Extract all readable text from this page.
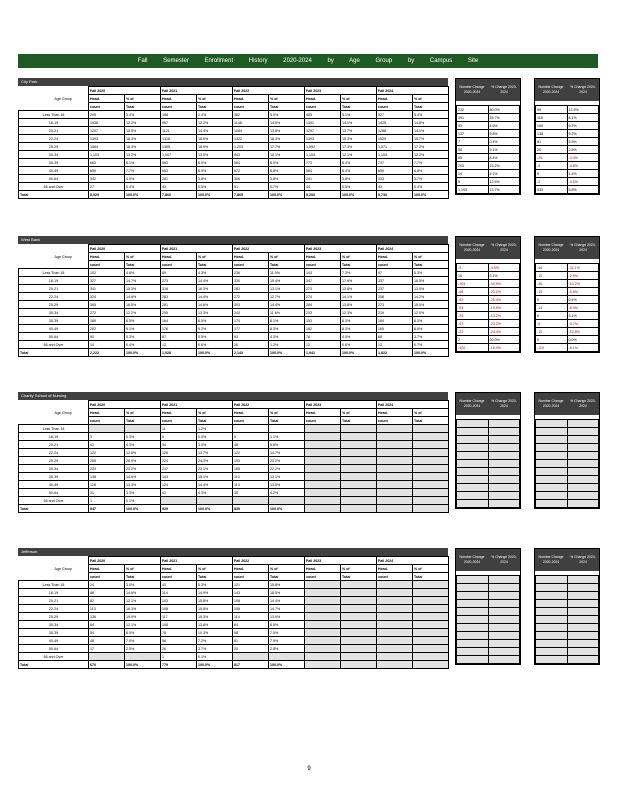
Fall Semester Enrollment History 2020-2024 by Age Group by Campus Site
City Park
		Fall 2020		Fall 2021		Fall 2022		Fall 2023		Fall 2024	
	Age Group	Head-	% of	Head-	% of	Head-	% of	Head-	% of	Head-	% of
		count	Total	count	Total	count	Total	count	Total	count	Total
Less Than 18		295	3.4%	188	2.4%	362	5.0%	455	5.1%	527	5.4%
18-19		1036	12.2%	967	12.2%	1148	14.5%	1301	14.1%	1425	14.8%
20-21		1207	15.0%	1121	14.4%	1084	13.8%	1297	13.7%	1288	14.1%
22-24		1393	16.3%	1316	16.6%	1322	16.3%	1393	15.3%	1529	15.7%
25-29		1564	18.3%	1355	16.9%	1,203	17.7%	1,592	17.3%	1,571	17.2%
30-34		1,103	13.2%	1,007	13.0%	843	10.1%	1,104	12.1%	1,104	12.2%
35-39		663	8.1%	563	8.0%	564	8.0%	773	8.4%	747	7.7%
40-49		659	7.7%	553	8.9%	572	8.8%	564	8.4%	659	6.8%
50-64		342	4.0%	281	3.8%	306	3.8%	291	3.8%	333	3.7%
65 and Over		27	0.4%	43	0.5%	51	0.7%	44	0.5%	43	0.4%
Total		8,529	100.0%	7,860	100.0%	7,865	100.0%	9,200	100.0%	9,730	100.0%
Number Change 2020-2024
% Change 2020-2024

232	80.0%
391	35.7%
93	4.6%
137	9.8%
7	0.4%
58	5.1%
85	8.4%
203	23.2%
14	4.1%
5	12.5%
1,193	13.7%
Number Change 2020-2024
% Change 2020-2024

59	12.5%
118	8.1%
100	6.7%
138	9.2%
81	5.5%
20	2.8%
-26	-3.4%
-8	-0.8%
5	1.4%
-2	-4.5%
530	5.8%
West Bank
		Fall 2020		Fall 2021		Fall 2022		Fall 2023		Fall 2024	
	Age Group	Head-	% of	Head-	% of	Head-	% of	Head-	% of	Head-	% of
		count	Total	count	Total	count	Total	count	Total	count	Total
Less Than 18		102	4.6%	89	4.3%	236	11.0%	143	7.3%	97	5.3%
18-19		327	14.7%	273	14.4%	330	15.4%	347	17.9%	337	18.5%
20-21		341	15.3%	318	16.3%	283	13.1%	273	13.8%	237	13.0%
22-24		324	14.6%	283	14.4%	272	12.7%	274	14.1%	258	14.2%
25-29		365	16.5%	281	14.6%	303	14.4%	284	13.8%	273	15.0%
30-34		272	12.2%	255	13.3%	243	11.6%	233	12.3%	219	12.0%
35-39		189	8.5%	164	8.5%	174	8.1%	153	8.3%	184	8.3%
40-49		202	9.1%	176	9.2%	177	8.3%	162	8.3%	165	8.6%
50-64		90	4.3%	87	4.5%	93	4.3%	78	4.0%	68	3.7%
65 and Over		10	0.4%	12	0.6%	26	1.2%	12	0.6%	12	0.7%
Total		2,222	100.0%	1,928	100.0%	2,143	100.0%	1,941	100.0%	1,822	100.0%
Number Change 2020-2024
% Change 2020-2024

-5	-4.9%
10	3.1%
-104	-30.5%
-66	-20.1%
-92	-25.4%
-53	-19.5%
-25	-13.2%
-47	-23.3%
-22	-24.4%
2	20.0%
-400	-18.0%
Number Change 2020-2024
% Change 2020-2024

-46	-31.1%
-10	-2.9%
-36	-13.2%
-16	-5.8%
0	0.4%
-14	-6.0%
6	3.1%
-6	-3.7%
-10	-12.8%
0	0.0%
-119	-6.1%
Charity School of Nursing
		Fall 2020		Fall 2021		Fall 2022		Fall 2023		Fall 2024	
	Age Group	Head-	% of	Head-	% of	Head-	% of	Head-	% of	Head-	% of
		count	Total	count	Total	count	Total	count	Total	count	Total
Less Than 18				11	1.2%						
18-19		3	0.3%	0	0.0%	9	1.1%				
20-21		41	4.3%	34	3.0%	48	5.8%				
22-24		122	12.8%	126	13.7%	122	14.7%				
25-29		255	26.9%	224	24.3%	193	23.2%				
30-34		220	23.2%	217	23.1%	185	22.2%				
35-39		138	14.5%	143	15.1%	110	13.1%				
40-49		128	13.3%	124	14.4%	113	13.0%				
50-64		31	3.3%	41	4.3%	35	4.2%				
65 and Over		1	0.1%								
Total		947	100.0%	929	100.0%	839	100.0%				
Number Change 2020-2024
% Change 2020-2024

Number Change 2020-2024
% Change 2020-2024

Jefferson
		Fall 2020		Fall 2021		Fall 2022		Fall 2023		Fall 2024	
	Age Group	Head-	% of	Head-	% of	Head-	% of	Head-	% of	Head-	% of
		count	Total	count	Total	count	Total	count	Total	count	Total
Less Than 18		24	3.0%	43	5.3%	121	15.8%				
18-19		88	14.6%	114	14.9%	143	18.5%				
20-21		82	12.1%	103	15.8%	108	14.4%				
22-24		113	16.3%	108	15.8%	108	14.7%				
25-29		136	19.9%	117	15.3%	114	13.9%				
30-34		84	12.1%	108	13.8%	84	8.8%				
35-39		54	8.0%	78	10.3%	58	7.5%				
40-49		48	7.0%	58	7.2%	61	7.9%				
50-64		17	2.5%	26	3.7%	20	2.8%				
65 and Over				1	0.1%						
Total		670	100.0%	779	100.0%	817	100.0%				
Number Change 2020-2024
% Change 2020-2024

Number Change 2020-2024
% Change 2020-2024

9
